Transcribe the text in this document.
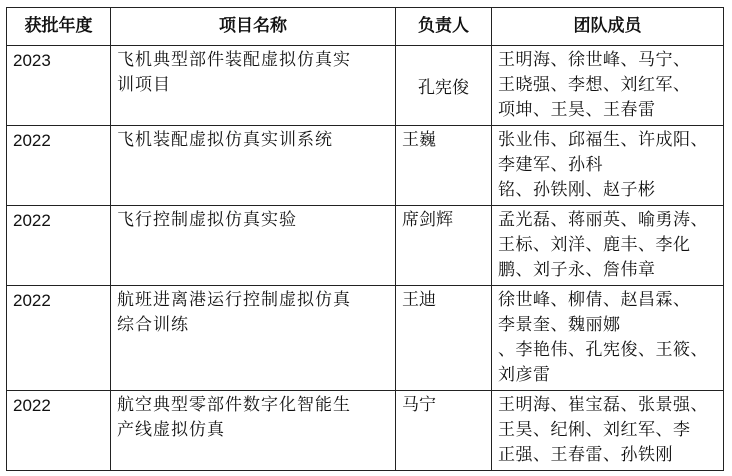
获批年度	项目名称	负责人	团队成员
2023	飞机典型部件装配虚拟仿真实
训项目	孔宪俊	王明海、徐世峰、马宁、
王晓强、李想、刘红军、
项坤、王昊、王春雷

2022	飞机装配虚拟仿真实训系统	王巍	张业伟、邱福生、许成阳、
李建军、孙科
铭、孙铁刚、赵子彬

2022	飞行控制虚拟仿真实验	席剑辉	孟光磊、蒋丽英、喻勇涛、
王标、刘洋、鹿丰、李化
鹏、刘子永、詹伟章

2022	航班进离港运行控制虚拟仿真
综合训练	王迪	徐世峰、柳倩、赵昌霖、
李景奎、魏丽娜
、李艳伟、孔宪俊、王筱、
刘彦雷

2022	航空典型零部件数字化智能生
产线虚拟仿真	马宁	王明海、崔宝磊、张景强、
王昊、纪俐、刘红军、李
正强、王春雷、孙铁刚
